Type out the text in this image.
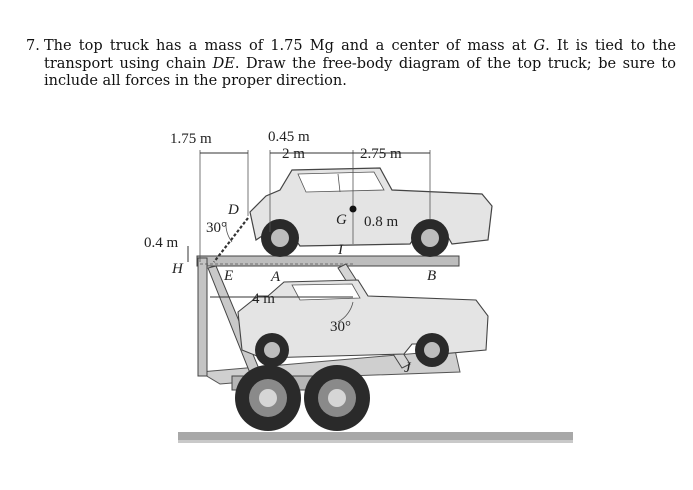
7. The top truck has a mass of 1.75 Mg and a center of mass at G. It is tied to the transport using chain DE. Draw the free-body diagram of the top truck; be sure to include all forces in the proper direction.
1.75 m	0.45 m
2 m	2.75 m
0.8 m
0.4 m
4 m
30°
30°
D
G
H	E	A	B
I
J
